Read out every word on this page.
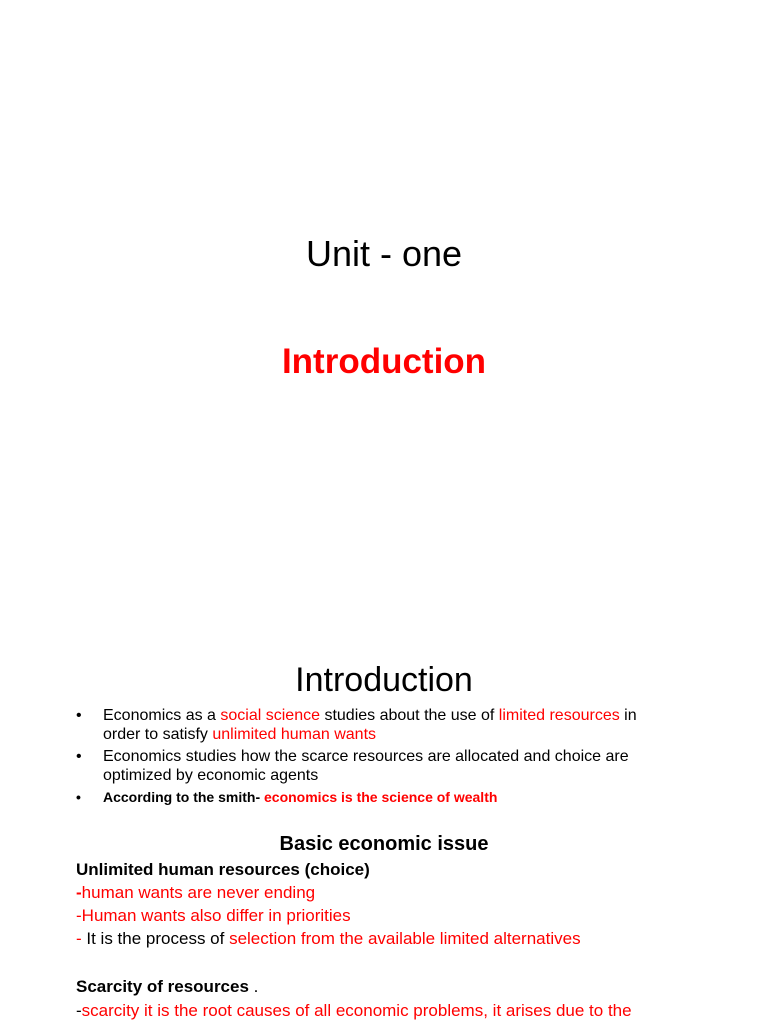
Unit - one
Introduction
Introduction
• Economics as a social science studies about the use of limited resources in
order to satisfy unlimited human wants
• Economics studies how the scarce resources are allocated and choice are
optimized by economic agents
• According to the smith- economics is the science of wealth
Basic economic issue
Unlimited human resources (choice)
-human wants are never ending
-Human wants also differ in priorities
- It is the process of selection from the available limited alternatives
Scarcity of resources .
-scarcity it is the root causes of all economic problems, it arises due to the
